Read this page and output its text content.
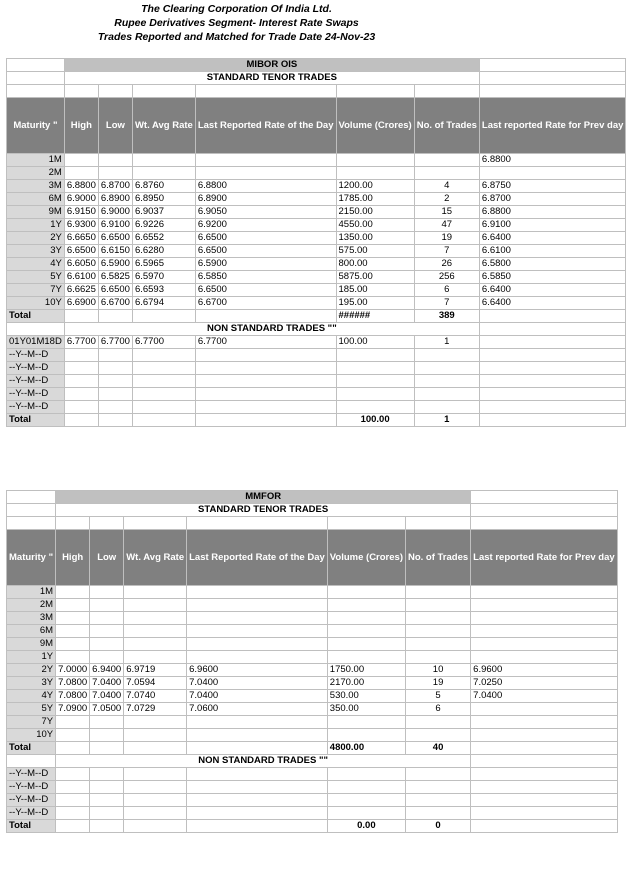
The Clearing Corporation Of India Ltd.
Rupee Derivatives Segment- Interest Rate Swaps
Trades Reported and Matched for Trade Date 24-Nov-23
	MIBOR OIS						
	STANDARD TENOR TRADES						

Maturity "	High	Low	Wt. Avg Rate	Last Reported Rate of the Day	Volume (Crores)	No. of Trades	Last reported Rate for Prev day
1M							6.8800
2M							
3M	6.8800	6.8700	6.8760	6.8800	1200.00	4	6.8750
6M	6.9000	6.8900	6.8950	6.8900	1785.00	2	6.8700
9M	6.9150	6.9000	6.9037	6.9050	2150.00	15	6.8800
1Y	6.9300	6.9100	6.9226	6.9200	4550.00	47	6.9100
2Y	6.6650	6.6500	6.6552	6.6500	1350.00	19	6.6400
3Y	6.6500	6.6150	6.6280	6.6500	575.00	7	6.6100
4Y	6.6050	6.5900	6.5965	6.5900	800.00	26	6.5800
5Y	6.6100	6.5825	6.5970	6.5850	5875.00	256	6.5850
7Y	6.6625	6.6500	6.6593	6.6500	185.00	6	6.6400
10Y	6.6900	6.6700	6.6794	6.6700	195.00	7	6.6400
Total					######	389	
	NON STANDARD TRADES ""						
01Y01M18D	6.7700	6.7700	6.7700	6.7700	100.00	1	
--Y--M--D							
--Y--M--D							
--Y--M--D							
--Y--M--D							
--Y--M--D							
Total					100.00	1	
	MMFOR						
	STANDARD TENOR TRADES						

Maturity "	High	Low	Wt. Avg Rate	Last Reported Rate of the Day	Volume (Crores)	No. of Trades	Last reported Rate for Prev day
1M							
2M							
3M							
6M							
9M							
1Y							
2Y	7.0000	6.9400	6.9719	6.9600	1750.00	10	6.9600
3Y	7.0800	7.0400	7.0594	7.0400	2170.00	19	7.0250
4Y	7.0800	7.0400	7.0740	7.0400	530.00	5	7.0400
5Y	7.0900	7.0500	7.0729	7.0600	350.00	6	
7Y							
10Y							
Total					4800.00	40	
	NON STANDARD TRADES ""						
--Y--M--D							
--Y--M--D							
--Y--M--D							
--Y--M--D							
Total					0.00	0	
